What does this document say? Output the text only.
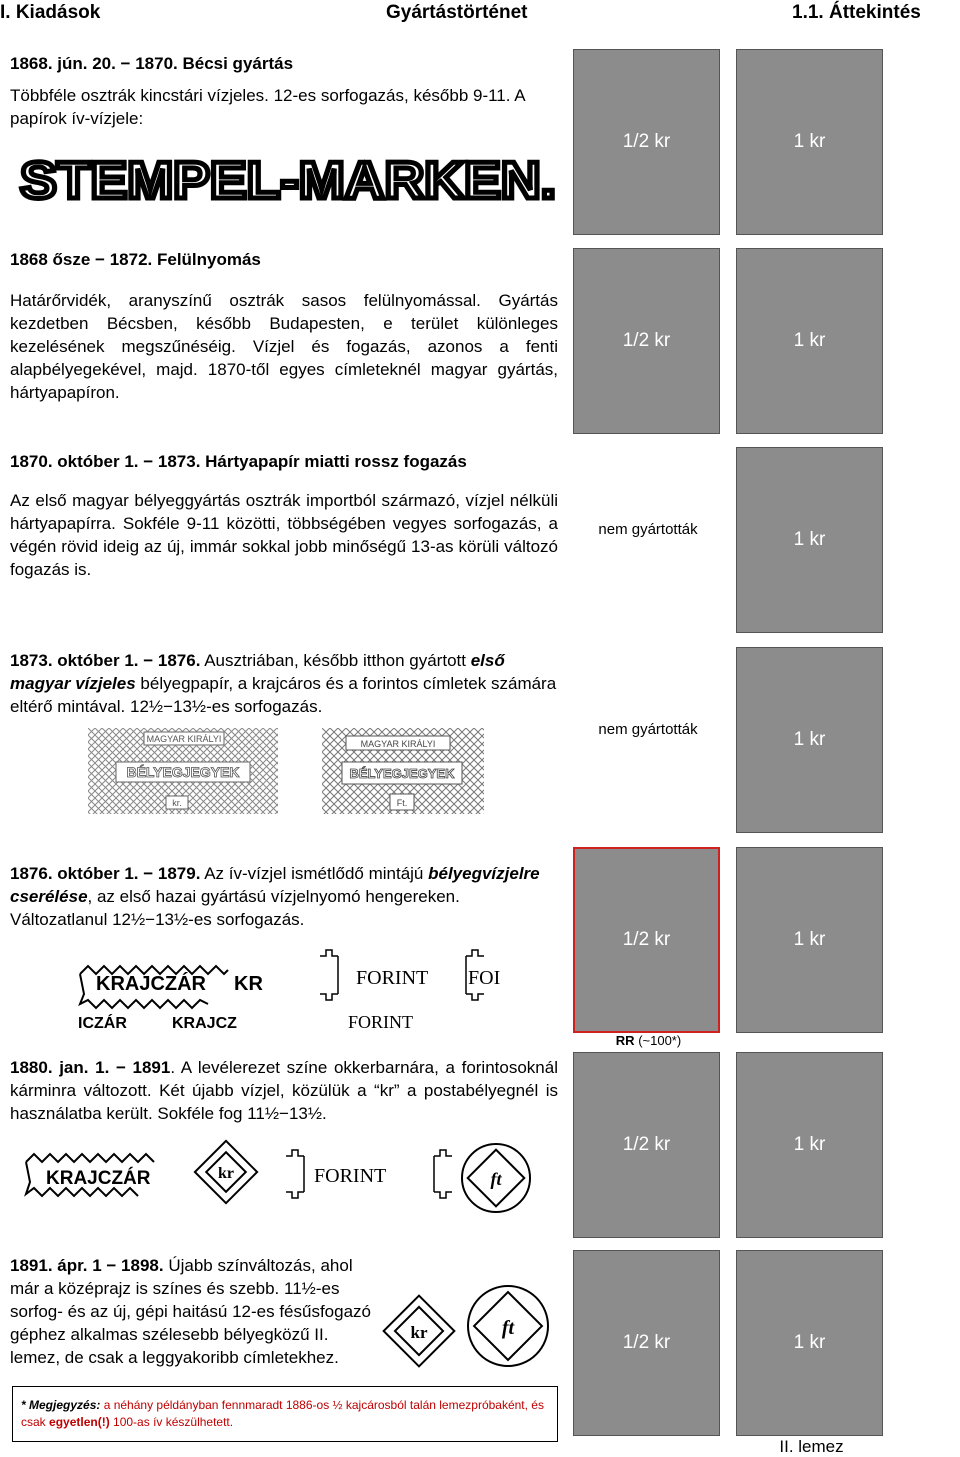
I. Kiadások	Gyártástörténet	1.1. Áttekintés
1868. jún. 20. − 1870. Bécsi gyártás
Többféle osztrák kincstári vízjeles. 12-es sorfogazás, később 9-11. A papírok ív-vízjele:
STEMPEL-MARKEN.
1/2 kr	1 kr
1868 ősze − 1872. Felülnyomás
Határőrvidék, aranyszínű osztrák sasos felülnyomással. Gyártás kezdetben Bécsben, később Budapesten, e terület különleges kezelésének megszűnéséig. Vízjel és fogazás, azonos a fenti alapbélyegekével, majd. 1870-től egyes címleteknél magyar gyártás, hártyapapíron.
1/2 kr	1 kr
1870. október 1. − 1873. Hártyapapír miatti rossz fogazás
Az első magyar bélyeggyártás osztrák importból származó, vízjel nélküli hártyapapírra. Sokféle 9-11 közötti, többségében vegyes sorfogazás, a végén rövid ideig az új, immár sokkal jobb minőségű 13-as körüli változó fogazás is.
nem gyártották	1 kr
1873. október 1. − 1876. Ausztriában, később itthon gyártott első magyar vízjeles bélyegpapír, a krajcáros és a forintos címletek számára eltérő mintával. 12½−13½-es sorfogazás.
MAGYAR KIRÁLYI
BÉLYEGJEGYEK
kr.
MAGYAR KIRÁLYI
BÉLYEGJEGYEK
Ft.
nem gyártották	1 kr
1876. október 1. − 1879. Az ív-vízjel ismétlődő mintájú bélyegvízjelre cserélése, az első hazai gyártású vízjelnyomó hengereken. Változatlanul 12½−13½-es sorfogazás.
KRAJCZÁR KR
ICZÁR	KRAJCZ
FORINT FOI
FORINT
1/2 kr	1 kr
1880. jan. 1. − 1891. A levélerezet színe okkerbarnára, a forintosoknál kárminra változott. Két újabb vízjel, közülük a “kr” a postabélyegnél is használatba került. Sokféle fog 11½−13½.
RR (~100*)
KRAJCZÁR	kr	FORINT	ft
1/2 kr	1 kr
1891. ápr. 1 − 1898. Újabb színváltozás, ahol már a középrajz is színes és szebb. 11½-es sorfog- és az új, gépi haitású 12-es fésűsfogazó géphez alkalmas szélesebb bélyegközű II. lemez, de csak a leggyakoribb címletekhez.
kr	ft
1/2 kr	1 kr
II. lemez
* Megjegyzés: a néhány példányban fennmaradt 1886-os ½ kajcárosból talán lemezpróbaként, és csak egyetlen(!) 100-as ív készülhetett.
